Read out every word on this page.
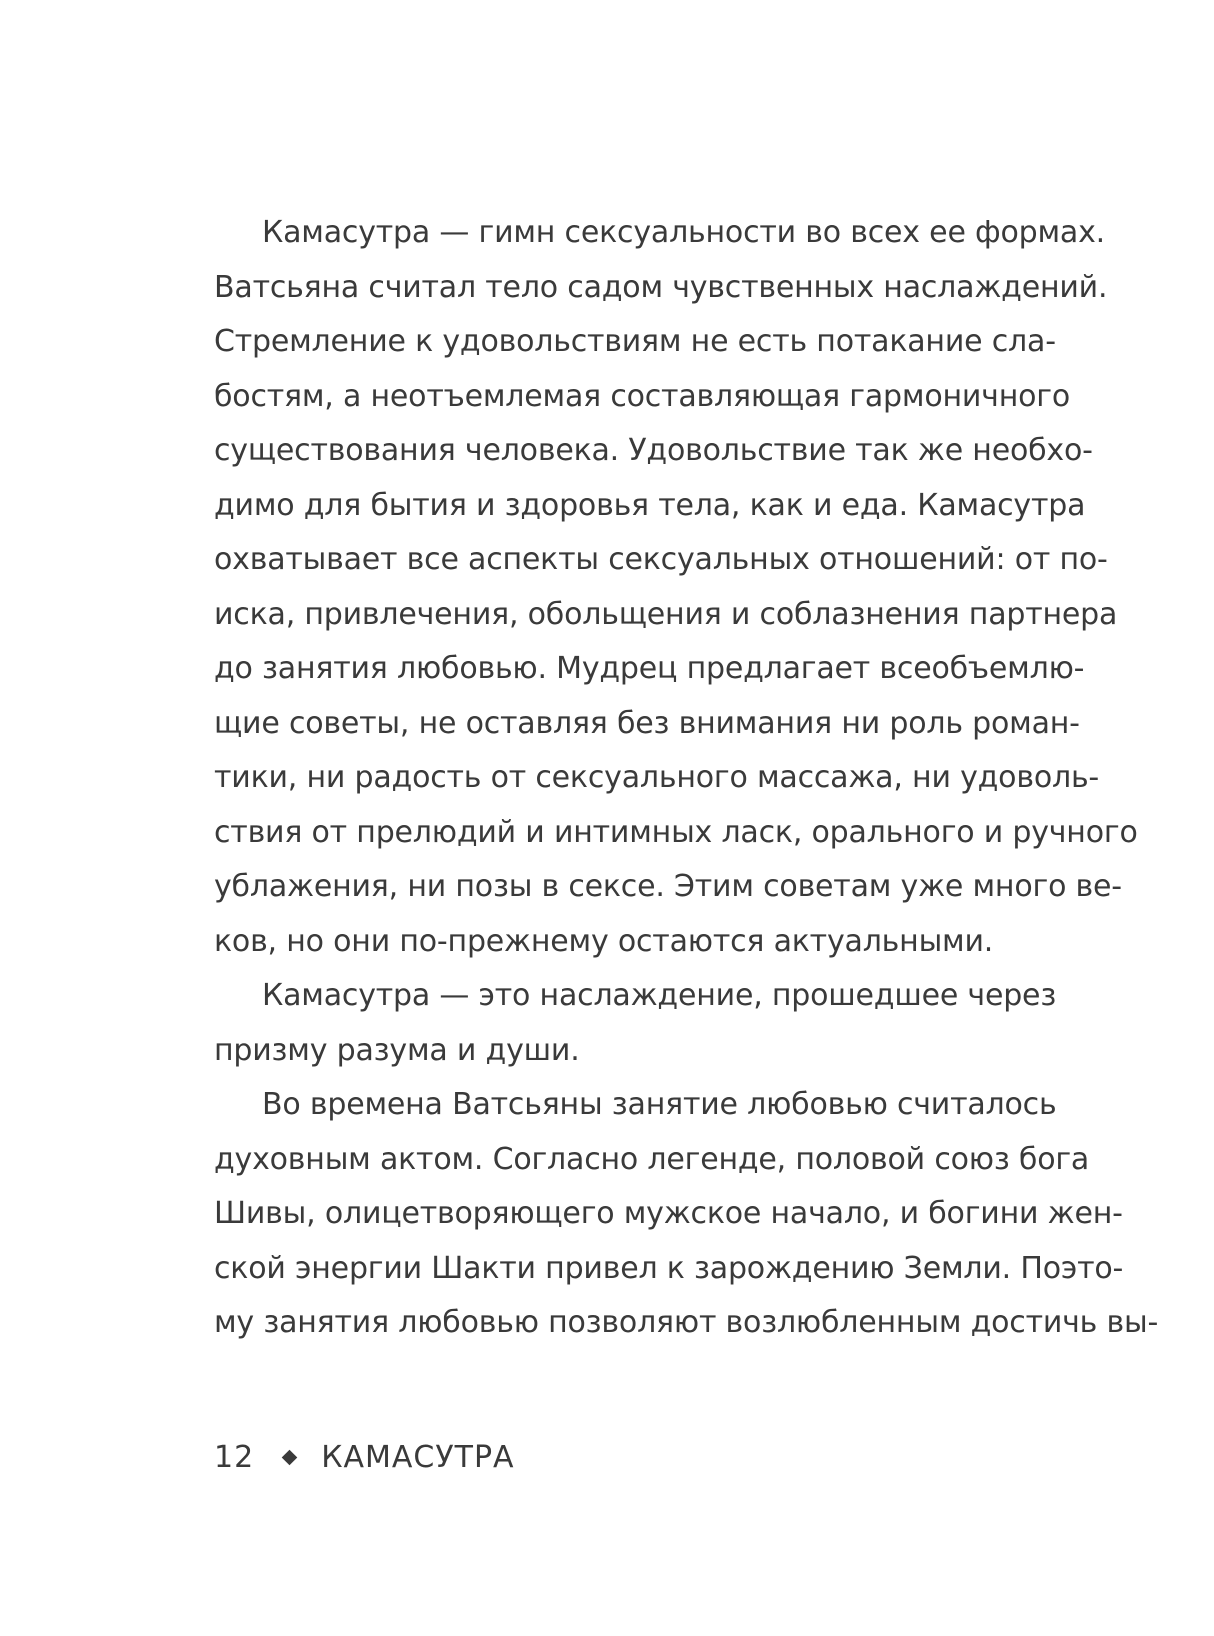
Камасутра — гимн сексуальности во всех ее формах.
Ватсьяна считал тело садом чувственных наслаждений.
Стремление к удовольствиям не есть потакание сла-
бостям, а неотъемлемая составляющая гармоничного
существования человека. Удовольствие так же необхо-
димо для бытия и здоровья тела, как и еда. Камасутра
охватывает все аспекты сексуальных отношений: от по-
иска, привлечения, обольщения и соблазнения партнера
до занятия любовью. Мудрец предлагает всеобъемлю-
щие советы, не оставляя без внимания ни роль роман-
тики, ни радость от сексуального массажа, ни удоволь-
ствия от прелюдий и интимных ласк, орального и ручного
ублажения, ни позы в сексе. Этим советам уже много ве-
ков, но они по-прежнему остаются актуальными.
Камасутра — это наслаждение, прошедшее через
призму разума и души.
Во времена Ватсьяны занятие любовью считалось
духовным актом. Согласно легенде, половой союз бога
Шивы, олицетворяющего мужское начало, и богини жен-
ской энергии Шакти привел к зарождению Земли. Поэто-
му занятия любовью позволяют возлюбленным достичь вы-
12 КАМАСУТРА
